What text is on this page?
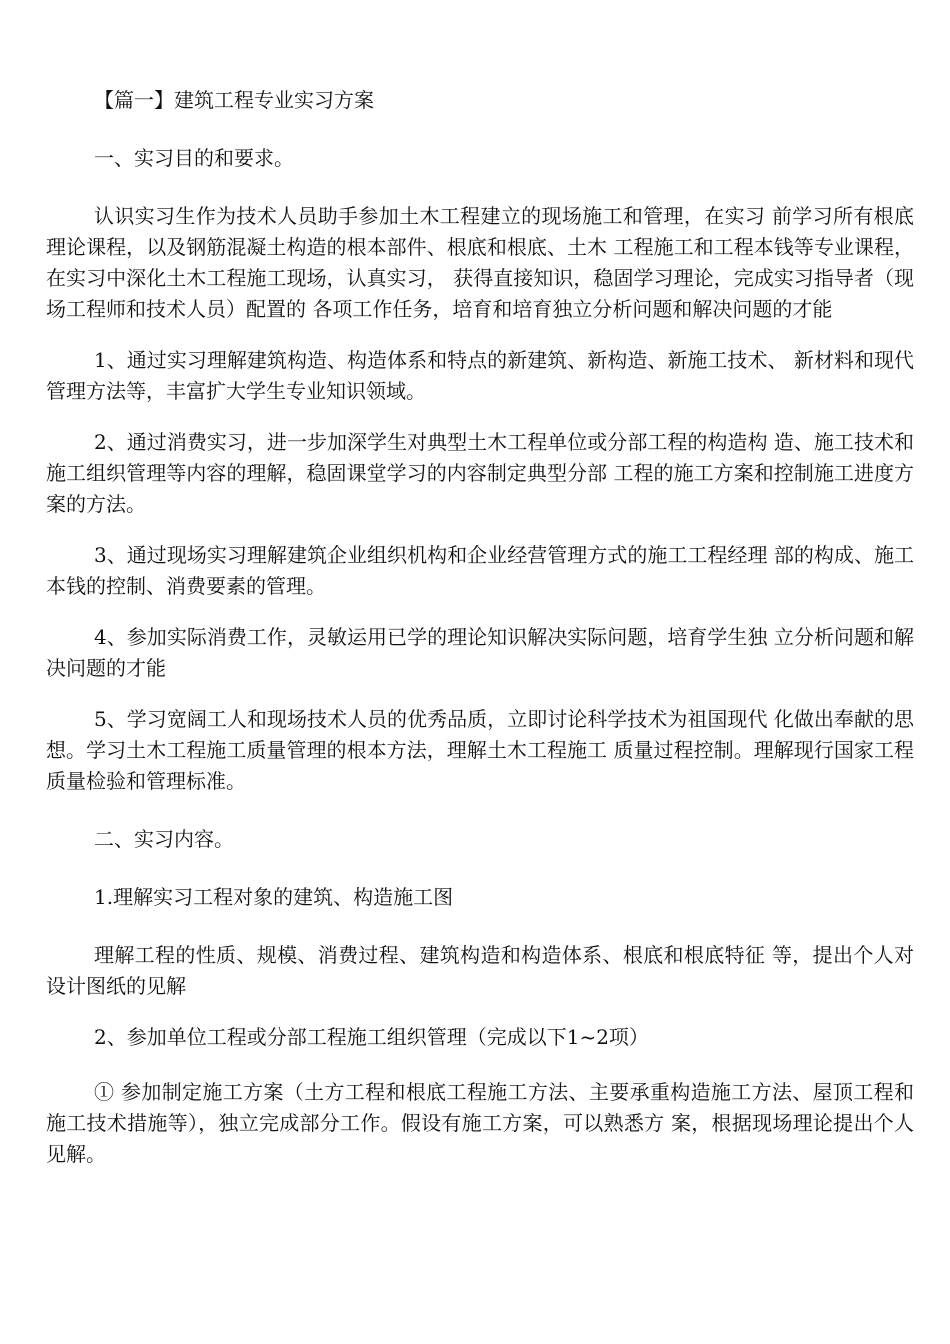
【篇一】建筑工程专业实习方案

一、实习目的和要求。

认识实习生作为技术人员助手参加土木工程建立的现场施工和管理，在实习 前学习所有根底理论课程，以及钢筋混凝土构造的根本部件、根底和根底、土木 工程施工和工程本钱等专业课程，在实习中深化土木工程施工现场，认真实习， 获得直接知识，稳固学习理论，完成实习指导者（现场工程师和技术人员）配置的 各项工作任务，培育和培育独立分析问题和解决问题的才能

1、通过实习理解建筑构造、构造体系和特点的新建筑、新构造、新施工技术、 新材料和现代管理方法等，丰富扩大学生专业知识领域。

2、通过消费实习，进一步加深学生对典型土木工程单位或分部工程的构造构 造、施工技术和施工组织管理等内容的理解，稳固课堂学习的内容制定典型分部 工程的施工方案和控制施工进度方案的方法。

3、通过现场实习理解建筑企业组织机构和企业经营管理方式的施工工程经理 部的构成、施工本钱的控制、消费要素的管理。

4、参加实际消费工作，灵敏运用已学的理论知识解决实际问题，培育学生独 立分析问题和解决问题的才能

5、学习宽阔工人和现场技术人员的优秀品质，立即讨论科学技术为祖国现代 化做出奉献的思想。学习土木工程施工质量管理的根本方法，理解土木工程施工 质量过程控制。理解现行国家工程质量检验和管理标准。

二、实习内容。

1.理解实习工程对象的建筑、构造施工图

理解工程的性质、规模、消费过程、建筑构造和构造体系、根底和根底特征 等，提出个人对设计图纸的见解

2、参加单位工程或分部工程施工组织管理（完成以下1~2项）

① 参加制定施工方案（土方工程和根底工程施工方法、主要承重构造施工方法、屋顶工程和施工技术措施等），独立完成部分工作。假设有施工方案，可以熟悉方 案，根据现场理论提出个人见解。
